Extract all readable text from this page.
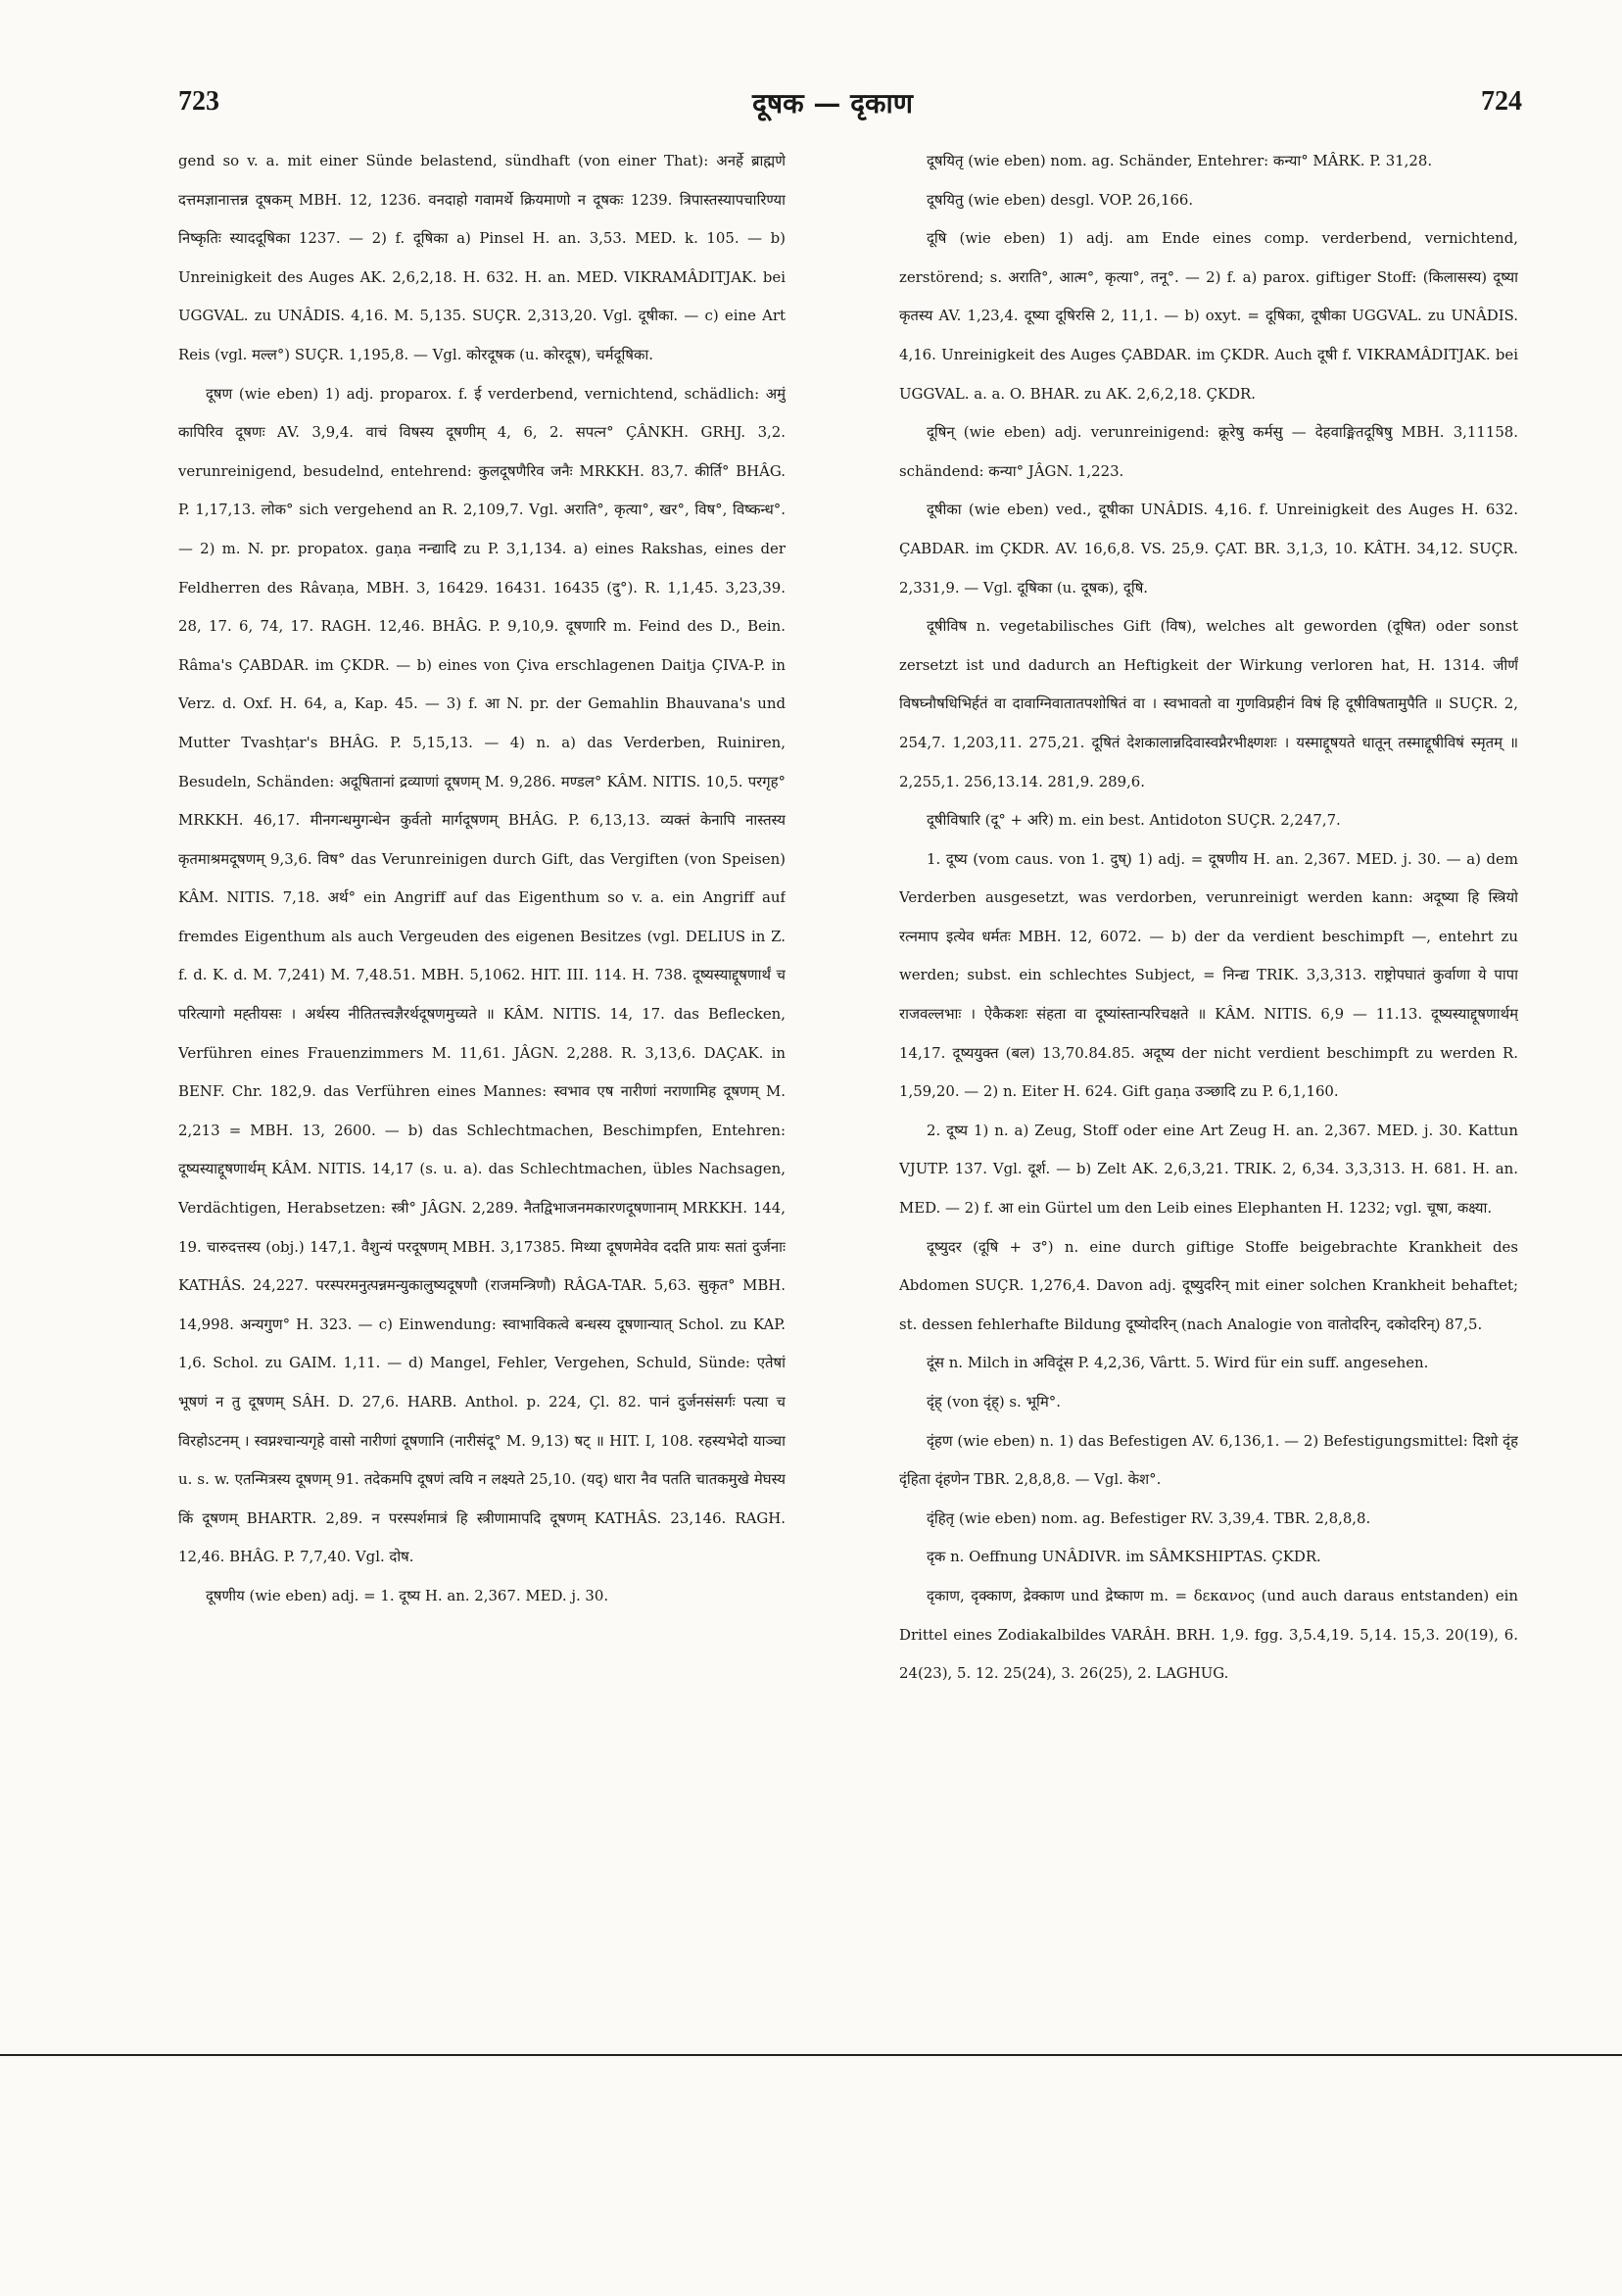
723	दूषक — दृकाण	724

gend so v. a. mit einer Sünde belastend, sündhaft (von einer That): अनर्हे ब्राह्मणे दत्तमज्ञानात्तन्न दूषकम् MBH. 12, 1236. वनदाहो गवामर्थे क्रियमाणो न दूषकः 1239. त्रिपास्तस्यापचारिण्या निष्कृतिः स्याददूषिका 1237. — 2) f. दूषिका a) Pinsel H. an. 3,53. MED. k. 105. — b) Unreinigkeit des Auges AK. 2,6,2,18. H. 632. H. an. MED. VIKRAMÂDITJAK. bei UGGVAL. zu UNÂDIS. 4,16. M. 5,135. SUÇR. 2,313,20. Vgl. दूषीका. — c) eine Art Reis (vgl. मल्ल°) SUÇR. 1,195,8. — Vgl. कोरदूषक (u. कोरदूष), चर्मदूषिका.

दूषण (wie eben) 1) adj. proparox. f. ई verderbend, vernichtend, schädlich: अमुं कापिरिव दूषणः AV. 3,9,4. वाचं विषस्य दूषणीम् 4, 6, 2. सपत्न° ÇÂNKH. GRHJ. 3,2. verunreinigend, besudelnd, entehrend: कुलदूषणैरिव जनैः MRKKH. 83,7. कीर्ति° BHÂG. P. 1,17,13. लोक° sich vergehend an R. 2,109,7. Vgl. अराति°, कृत्या°, खर°, विष°, विष्कन्ध°. — 2) m. N. pr. propatox. gaṇa नन्द्यादि zu P. 3,1,134. a) eines Rakshas, eines der Feldherren des Râvaṇa, MBH. 3, 16429. 16431. 16435 (दु°). R. 1,1,45. 3,23,39. 28, 17. 6, 74, 17. RAGH. 12,46. BHÂG. P. 9,10,9. दूषणारि m. Feind des D., Bein. Râma's ÇABDAR. im ÇKDR. — b) eines von Çiva erschlagenen Daitja ÇIVA-P. in Verz. d. Oxf. H. 64, a, Kap. 45. — 3) f. आ N. pr. der Gemahlin Bhauvana's und Mutter Tvashṭar's BHÂG. P. 5,15,13. — 4) n. a) das Verderben, Ruiniren, Besudeln, Schänden: अदूषितानां द्रव्याणां दूषणम् M. 9,286. मण्डल° KÂM. NITIS. 10,5. परगृह° MRKKH. 46,17. मीनगन्धमुगन्धेन कुर्वतो मार्गदूषणम् BHÂG. P. 6,13,13. व्यक्तं केनापि नास्तस्य कृतमाश्रमदूषणम् 9,3,6. विष° das Verunreinigen durch Gift, das Vergiften (von Speisen) KÂM. NITIS. 7,18. अर्थ° ein Angriff auf das Eigenthum so v. a. ein Angriff auf fremdes Eigenthum als auch Vergeuden des eigenen Besitzes (vgl. DELIUS in Z. f. d. K. d. M. 7,241) M. 7,48.51. MBH. 5,1062. HIT. III. 114. H. 738. दूष्यस्याद्दूषणार्थं च परित्यागो मह्तीयसः । अर्थस्य नीतितत्त्वज्ञैरर्थदूषणमुच्यते ॥ KÂM. NITIS. 14, 17. das Beflecken, Verführen eines Frauenzimmers M. 11,61. JÂGN. 2,288. R. 3,13,6. DAÇAK. in BENF. Chr. 182,9. das Verführen eines Mannes: स्वभाव एष नारीणां नराणामिह दूषणम् M. 2,213 = MBH. 13, 2600. — b) das Schlechtmachen, Beschimpfen, Entehren: दूष्यस्याद्दूषणार्थम् KÂM. NITIS. 14,17 (s. u. a). das Schlechtmachen, übles Nachsagen, Verdächtigen, Herabsetzen: स्त्री° JÂGN. 2,289. नैतद्विभाजनमकारणदूषणानाम् MRKKH. 144, 19. चारुदत्तस्य (obj.) 147,1. वैशुन्यं परदूषणम् MBH. 3,17385. मिथ्या दूषणमेवेव ददति प्रायः सतां दुर्जनाः KATHÂS. 24,227. परस्परमनुत्पन्नमन्युकालुष्यदूषणौ (राजमन्त्रिणौ) RÂGA-TAR. 5,63. सुकृत° MBH. 14,998. अन्यगुण° H. 323. — c) Einwendung: स्वाभाविकत्वे बन्धस्य दूषणान्यात् Schol. zu KAP. 1,6. Schol. zu GAIM. 1,11. — d) Mangel, Fehler, Vergehen, Schuld, Sünde: एतेषां भूषणं न तु दूषणम् SÂH. D. 27,6. HARB. Anthol. p. 224, Çl. 82. पानं दुर्जनसंसर्गः पत्या च विरहोऽटनम् । स्वप्नश्चान्यगृहे वासो नारीणां दूषणानि (नारीसंदू° M. 9,13) षट् ॥ HIT. I, 108. रहस्यभेदो याञ्चा u. s. w. एतन्मित्रस्य दूषणम् 91. तदेकमपि दूषणं त्वयि न लक्ष्यते 25,10. (यद्) धारा नैव पतति चातकमुखे मेघस्य किं दूषणम् BHARTR. 2,89. न परस्पर्शमात्रं हि स्त्रीणामापदि दूषणम् KATHÂS. 23,146. RAGH. 12,46. BHÂG. P. 7,7,40. Vgl. दोष.

दूषणीय (wie eben) adj. = 1. दूष्य H. an. 2,367. MED. j. 30.

दूषयितृ (wie eben) nom. ag. Schänder, Entehrer: कन्या° MÂRK. P. 31,28.

दूषयितु (wie eben) desgl. VOP. 26,166.

दूषि (wie eben) 1) adj. am Ende eines comp. verderbend, vernichtend, zerstörend; s. अराति°, आत्म°, कृत्या°, तनू°. — 2) f. a) parox. giftiger Stoff: (किलासस्य) दूष्या कृतस्य AV. 1,23,4. दूष्या दूषिरसि 2, 11,1. — b) oxyt. = दूषिका, दूषीका UGGVAL. zu UNÂDIS. 4,16. Unreinigkeit des Auges ÇABDAR. im ÇKDR. Auch दूषी f. VIKRAMÂDITJAK. bei UGGVAL. a. a. O. BHAR. zu AK. 2,6,2,18. ÇKDR.

दूषिन् (wie eben) adj. verunreinigend: क्रूरेषु कर्मसु — देहवाङ्मितदूषिषु MBH. 3,11158. schändend: कन्या° JÂGN. 1,223.

दूषीका (wie eben) ved., दूषीका UNÂDIS. 4,16. f. Unreinigkeit des Auges H. 632. ÇABDAR. im ÇKDR. AV. 16,6,8. VS. 25,9. ÇAT. BR. 3,1,3, 10. KÂTH. 34,12. SUÇR. 2,331,9. — Vgl. दूषिका (u. दूषक), दूषि.

दूषीविष n. vegetabilisches Gift (विष), welches alt geworden (दूषित) oder sonst zersetzt ist und dadurch an Heftigkeit der Wirkung verloren hat, H. 1314. जीर्णं विषघ्नौषधिभिर्हतं वा दावाग्निवातातपशोषितं वा । स्वभावतो वा गुणविप्रहीनं विषं हि दूषीविषतामुपैति ॥ SUÇR. 2, 254,7. 1,203,11. 275,21. दूषितं देशकालान्नदिवास्वप्नैरभीक्ष्णशः । यस्माद्दूषयते धातून् तस्माद्दूषीविषं स्मृतम् ॥ 2,255,1. 256,13.14. 281,9. 289,6.

दूषीविषारि (दू° + अरि) m. ein best. Antidoton SUÇR. 2,247,7.

1. दूष्य (vom caus. von 1. दुष्) 1) adj. = दूषणीय H. an. 2,367. MED. j. 30. — a) dem Verderben ausgesetzt, was verdorben, verunreinigt werden kann: अदूष्या हि स्त्रियो रत्नमाप इत्येव धर्मतः MBH. 12, 6072. — b) der da verdient beschimpft —, entehrt zu werden; subst. ein schlechtes Subject, = निन्द्य TRIK. 3,3,313. राष्ट्रोपघातं कुर्वाणा ये पापा राजवल्लभाः । ऐकैकशः संहता वा दूष्यांस्तान्परिचक्षते ॥ KÂM. NITIS. 6,9 — 11.13. दूष्यस्याद्दूषणार्थम् 14,17. दूष्ययुक्त (बल) 13,70.84.85. अदूष्य der nicht verdient beschimpft zu werden R. 1,59,20. — 2) n. Eiter H. 624. Gift gaṇa उञ्छादि zu P. 6,1,160.

2. दूष्य 1) n. a) Zeug, Stoff oder eine Art Zeug H. an. 2,367. MED. j. 30. Kattun VJUTP. 137. Vgl. दूर्श. — b) Zelt AK. 2,6,3,21. TRIK. 2, 6,34. 3,3,313. H. 681. H. an. MED. — 2) f. आ ein Gürtel um den Leib eines Elephanten H. 1232; vgl. चूषा, कक्ष्या.

दूष्युदर (दूषि + उ°) n. eine durch giftige Stoffe beigebrachte Krankheit des Abdomen SUÇR. 1,276,4. Davon adj. दूष्युदरिन् mit einer solchen Krankheit behaftet; st. dessen fehlerhafte Bildung दूष्योदरिन् (nach Analogie von वातोदरिन्, दकोदरिन्) 87,5.

दूंस n. Milch in अविदूंस P. 4,2,36, Vârtt. 5. Wird für ein suff. angesehen.

दृंह् (von दृंह्) s. भूमि°.

दृंहण (wie eben) n. 1) das Befestigen AV. 6,136,1. — 2) Befestigungsmittel: दिशो दृंह दृंहिता दृंहणेन TBR. 2,8,8,8. — Vgl. केश°.

दृंहितृ (wie eben) nom. ag. Befestiger RV. 3,39,4. TBR. 2,8,8,8.

दृक n. Oeffnung UNÂDIVR. im SÂMKSHIPTAS. ÇKDR.

दृकाण, दृक्काण, द्रेक्काण und द्रेष्काण m. = δεκανος (und auch daraus entstanden) ein Drittel eines Zodiakalbildes VARÂH. BRH. 1,9. fgg. 3,5.4,19. 5,14. 15,3. 20(19), 6. 24(23), 5. 12. 25(24), 3. 26(25), 2. LAGHUG.
